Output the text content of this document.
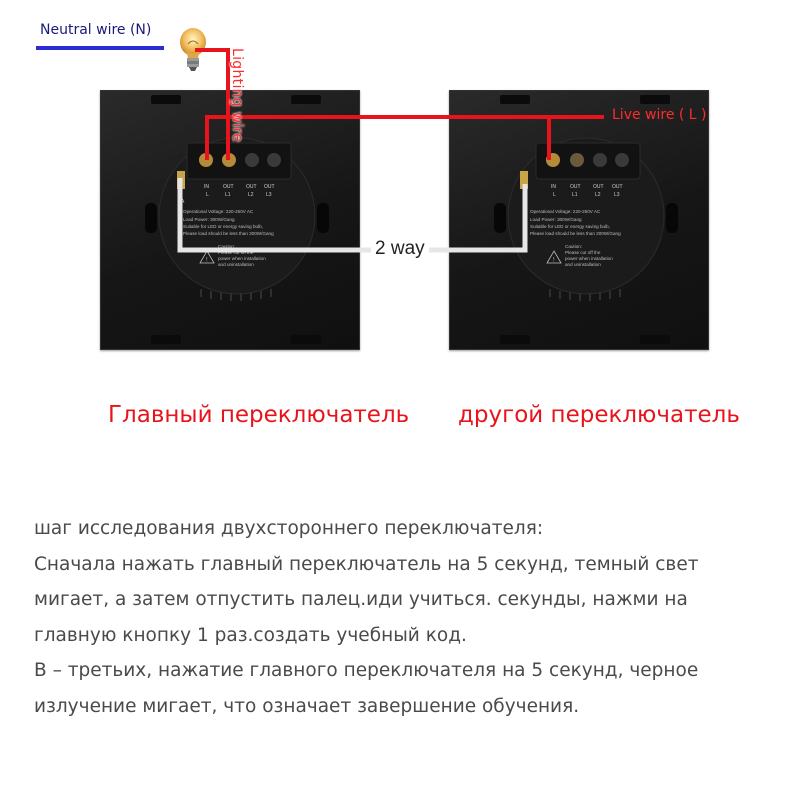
Neutral wire (N)
IN	OUT OUT OUT
L	L1	L2 L3
A
Operational Voltage: 220-250V AC
Load Power: 300W/Gang
Suitable for LED or energy saving bulb,
Please load should be less than 300W/Gang
!
Caution:
Please cut off the
power when installation
and uninstallation
IN	OUT OUT OUT
L	L1	L2	L3
A
Operational Voltage: 220-250V AC
Load Power: 300W/Gang
Suitable for LED or energy saving bulb,
Please load should be less than 300W/Gang
!
Caution:
Please cut off the
power when installation
and uninstallation
Lighting wire	Live wire ( L )
2 way
Главный переключатель другой переключатель
шаг исследования двухстороннего переключателя:
Сначала нажать главный переключатель на 5 секунд, темный свет
мигает, а затем отпустить палец.иди учиться. секунды, нажми на
главную кнопку 1 раз.создать учебный код.
В – третьих, нажатие главного переключателя на 5 секунд, черное
излучение мигает, что означает завершение обучения.
